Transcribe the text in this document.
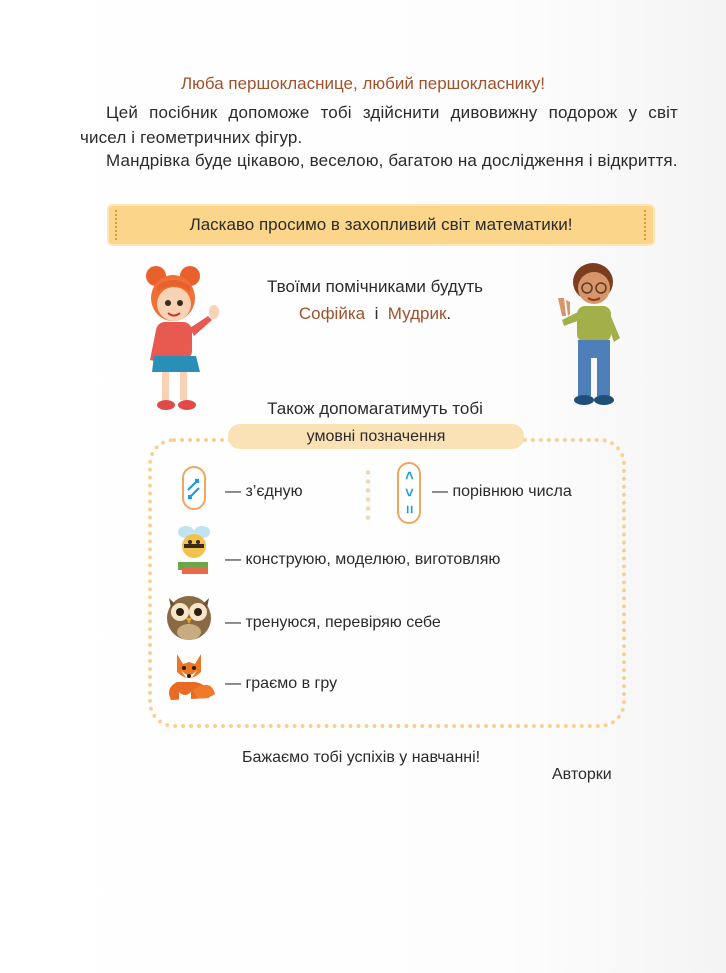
Люба першокласнице, любий першокласнику!
Цей посібник допоможе тобі здійснити дивовижну подорож у світ чисел і геометричних фігур.
Мандрівка буде цікавою, веселою, багатою на дослідження і відкриття.
Ласкаво просимо в захопливий світ математики!
Твоїми помічниками будуть
Софійка і Мудрик.
Також допомагатимуть тобі
умовні позначення
— з’єдную
<
>
=
— порівнюю числа
— конструюю, моделюю, виготовляю
— тренуюся, перевіряю себе
— граємо в гру
Бажаємо тобі успіхів у навчанні!
Авторки
